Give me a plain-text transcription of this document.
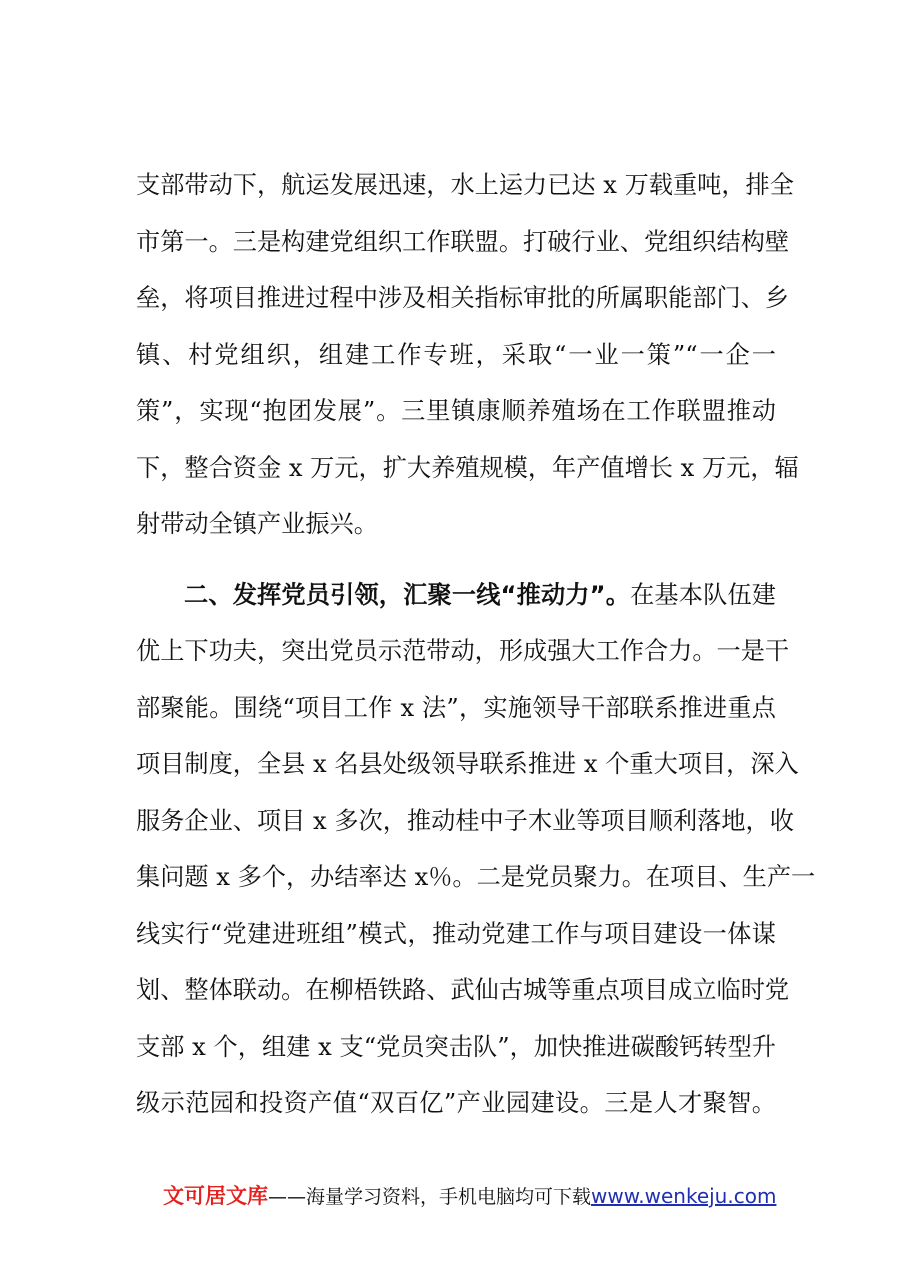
支部带动下，航运发展迅速，水上运力已达 x 万载重吨，排全
市第一。三是构建党组织工作联盟。打破行业、党组织结构壁
垒，将项目推进过程中涉及相关指标审批的所属职能部门、乡
镇、村党组织，组建工作专班，采取“一业一策”“一企一
策”，实现“抱团发展”。三里镇康顺养殖场在工作联盟推动
下，整合资金 x 万元，扩大养殖规模，年产值增长 x 万元，辐
射带动全镇产业振兴。
二、发挥党员引领，汇聚一线“推动力”。在基本队伍建
优上下功夫，突出党员示范带动，形成强大工作合力。一是干
部聚能。围绕“项目工作 x 法”，实施领导干部联系推进重点
项目制度，全县 x 名县处级领导联系推进 x 个重大项目，深入
服务企业、项目 x 多次，推动桂中子木业等项目顺利落地，收
集问题 x 多个，办结率达 x％。二是党员聚力。在项目、生产一
线实行“党建进班组”模式，推动党建工作与项目建设一体谋
划、整体联动。在柳梧铁路、武仙古城等重点项目成立临时党
支部 x 个，组建 x 支“党员突击队”，加快推进碳酸钙转型升
级示范园和投资产值“双百亿”产业园建设。三是人才聚智。
文可居文库——海量学习资料，手机电脑均可下载www.wenkeju.com
